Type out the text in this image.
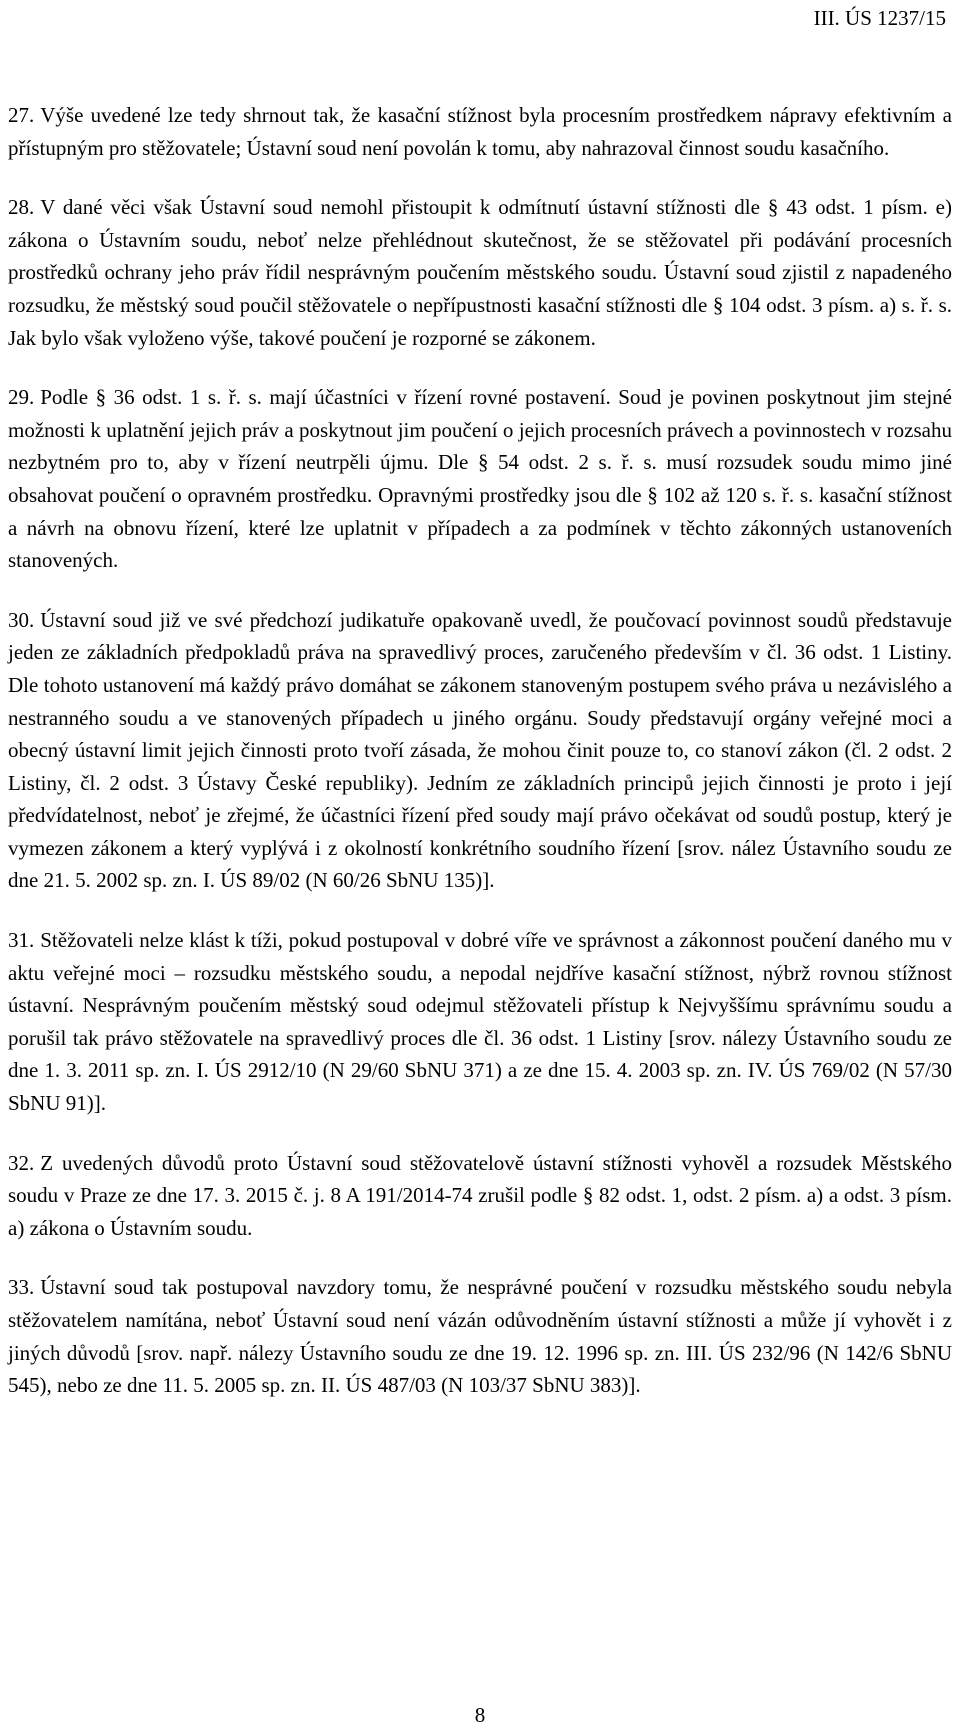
III. ÚS 1237/15

27. Výše uvedené lze tedy shrnout tak, že kasační stížnost byla procesním prostředkem nápravy efektivním a přístupným pro stěžovatele; Ústavní soud není povolán k tomu, aby nahrazoval činnost soudu kasačního.

28. V dané věci však Ústavní soud nemohl přistoupit k odmítnutí ústavní stížnosti dle § 43 odst. 1 písm. e) zákona o Ústavním soudu, neboť nelze přehlédnout skutečnost, že se stěžovatel při podávání procesních prostředků ochrany jeho práv řídil nesprávným poučením městského soudu. Ústavní soud zjistil z napadeného rozsudku, že městský soud poučil stěžovatele o nepřípustnosti kasační stížnosti dle § 104 odst. 3 písm. a) s. ř. s. Jak bylo však vyloženo výše, takové poučení je rozporné se zákonem.

29. Podle § 36 odst. 1 s. ř. s. mají účastníci v řízení rovné postavení. Soud je povinen poskytnout jim stejné možnosti k uplatnění jejich práv a poskytnout jim poučení o jejich procesních právech a povinnostech v rozsahu nezbytném pro to, aby v řízení neutrpěli újmu. Dle § 54 odst. 2 s. ř. s. musí rozsudek soudu mimo jiné obsahovat poučení o opravném prostředku. Opravnými prostředky jsou dle § 102 až 120 s. ř. s. kasační stížnost a návrh na obnovu řízení, které lze uplatnit v případech a za podmínek v těchto zákonných ustanoveních stanovených.

30. Ústavní soud již ve své předchozí judikatuře opakovaně uvedl, že poučovací povinnost soudů představuje jeden ze základních předpokladů práva na spravedlivý proces, zaručeného především v čl. 36 odst. 1 Listiny. Dle tohoto ustanovení má každý právo domáhat se zákonem stanoveným postupem svého práva u nezávislého a nestranného soudu a ve stanovených případech u jiného orgánu. Soudy představují orgány veřejné moci a obecný ústavní limit jejich činnosti proto tvoří zásada, že mohou činit pouze to, co stanoví zákon (čl. 2 odst. 2 Listiny, čl. 2 odst. 3 Ústavy České republiky). Jedním ze základních principů jejich činnosti je proto i její předvídatelnost, neboť je zřejmé, že účastníci řízení před soudy mají právo očekávat od soudů postup, který je vymezen zákonem a který vyplývá i z okolností konkrétního soudního řízení [srov. nález Ústavního soudu ze dne 21. 5. 2002 sp. zn. I. ÚS 89/02 (N 60/26 SbNU 135)].

31. Stěžovateli nelze klást k tíži, pokud postupoval v dobré víře ve správnost a zákonnost poučení daného mu v aktu veřejné moci – rozsudku městského soudu, a nepodal nejdříve kasační stížnost, nýbrž rovnou stížnost ústavní. Nesprávným poučením městský soud odejmul stěžovateli přístup k Nejvyššímu správnímu soudu a porušil tak právo stěžovatele na spravedlivý proces dle čl. 36 odst. 1 Listiny [srov. nálezy Ústavního soudu ze dne 1. 3. 2011 sp. zn. I. ÚS 2912/10 (N 29/60 SbNU 371) a ze dne 15. 4. 2003 sp. zn. IV. ÚS 769/02 (N 57/30 SbNU 91)].

32. Z uvedených důvodů proto Ústavní soud stěžovatelově ústavní stížnosti vyhověl a rozsudek Městského soudu v Praze ze dne 17. 3. 2015 č. j. 8 A 191/2014-74 zrušil podle § 82 odst. 1, odst. 2 písm. a) a odst. 3 písm. a) zákona o Ústavním soudu.

33. Ústavní soud tak postupoval navzdory tomu, že nesprávné poučení v rozsudku městského soudu nebyla stěžovatelem namítána, neboť Ústavní soud není vázán odůvodněním ústavní stížnosti a může jí vyhovět i z jiných důvodů [srov. např. nálezy Ústavního soudu ze dne 19. 12. 1996 sp. zn. III. ÚS 232/96 (N 142/6 SbNU 545), nebo ze dne 11. 5. 2005 sp. zn. II. ÚS 487/03 (N 103/37 SbNU 383)].

8
